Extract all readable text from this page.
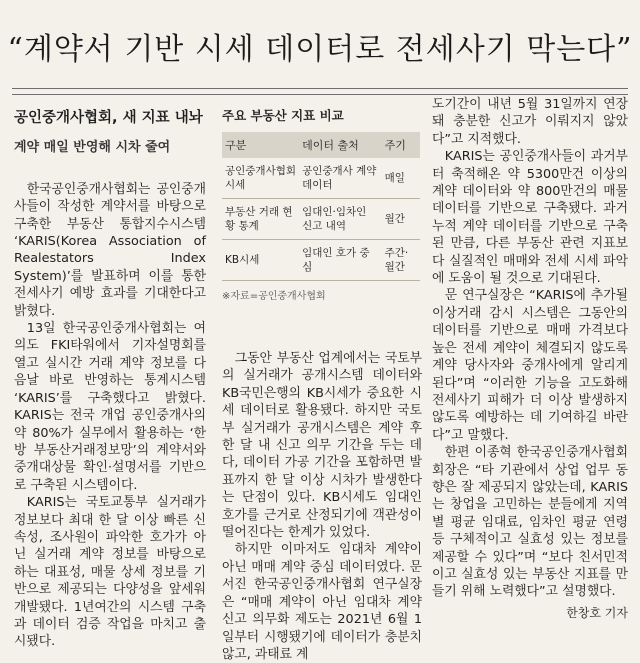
“계약서 기반 시세 데이터로 전세사기 막는다”
공인중개사협회, 새 지표 내놔
계약 매일 반영해 시차 줄여

한국공인중개사협회는 공인중개사들이 작성한 계약서를 바탕으로 구축한 부동산 통합지수시스템 ‘KARIS(Korea Association of Realestators Index System)’를 발표하며 이를 통한 전세사기 예방 효과를 기대한다고 밝혔다.

13일 한국공인중개사협회는 여의도 FKI타워에서 기자설명회를 열고 실시간 거래 계약 정보를 다음날 바로 반영하는 통계시스템 ‘KARIS’를 구축했다고 밝혔다. KARIS는 전국 개업 공인중개사의 약 80%가 실무에서 활용하는 ‘한방 부동산거래정보망’의 계약서와 중개대상물 확인·설명서를 기반으로 구축된 시스템이다.

KARIS는 국토교통부 실거래가 정보보다 최대 한 달 이상 빠른 신속성, 조사원이 파악한 호가가 아닌 실거래 계약 정보를 바탕으로 하는 대표성, 매물 상세 정보를 기반으로 제공되는 다양성을 앞세워 개발됐다. 1년여간의 시스템 구축과 데이터 검증 작업을 마치고 출시됐다.

주요 부동산 지표 비교
구분	데이터 출처	주기
공인중개사협회 시세	공인중개사 계약 데이터	매일
부동산 거래 현황 통계	임대인·임차인 신고 내역	월간
KB시세	임대인 호가 중심	주간·월간
※자료=공인중개사협회

그동안 부동산 업계에서는 국토부의 실거래가 공개시스템 데이터와 KB국민은행의 KB시세가 중요한 시세 데이터로 활용됐다. 하지만 국토부 실거래가 공개시스템은 계약 후 한 달 내 신고 의무 기간을 두는 데다, 데이터 가공 기간을 포함하면 발표까지 한 달 이상 시차가 발생한다는 단점이 있다. KB시세도 임대인 호가를 근거로 산정되기에 객관성이 떨어진다는 한계가 있었다.

하지만 이마저도 임대차 계약이 아닌 매매 계약 중심 데이터였다. 문서진 한국공인중개사협회 연구실장은 “매매 계약이 아닌 임대차 계약 신고 의무화 제도는 2021년 6월 1일부터 시행됐기에 데이터가 충분치 않고, 과태료 계

도기간이 내년 5월 31일까지 연장돼 충분한 신고가 이뤄지지 않았다”고 지적했다.

KARIS는 공인중개사들이 과거부터 축적해온 약 5300만건 이상의 계약 데이터와 약 800만건의 매물 데이터를 기반으로 구축됐다. 과거 누적 계약 데이터를 기반으로 구축된 만큼, 다른 부동산 관련 지표보다 실질적인 매매와 전세 시세 파악에 도움이 될 것으로 기대된다.

문 연구실장은 “KARIS에 추가될 이상거래 감시 시스템은 그동안의 데이터를 기반으로 매매 가격보다 높은 전세 계약이 체결되지 않도록 계약 당사자와 중개사에게 알리게 된다”며 “이러한 기능을 고도화해 전세사기 피해가 더 이상 발생하지 않도록 예방하는 데 기여하길 바란다”고 말했다.

한편 이종혁 한국공인중개사협회 회장은 “타 기관에서 상업 업무 동향은 잘 제공되지 않았는데, KARIS는 창업을 고민하는 분들에게 지역별 평균 임대료, 임차인 평균 연령 등 구체적이고 실효성 있는 정보를 제공할 수 있다”며 “보다 친서민적이고 실효성 있는 부동산 지표를 만들기 위해 노력했다”고 설명했다.

한창호 기자
